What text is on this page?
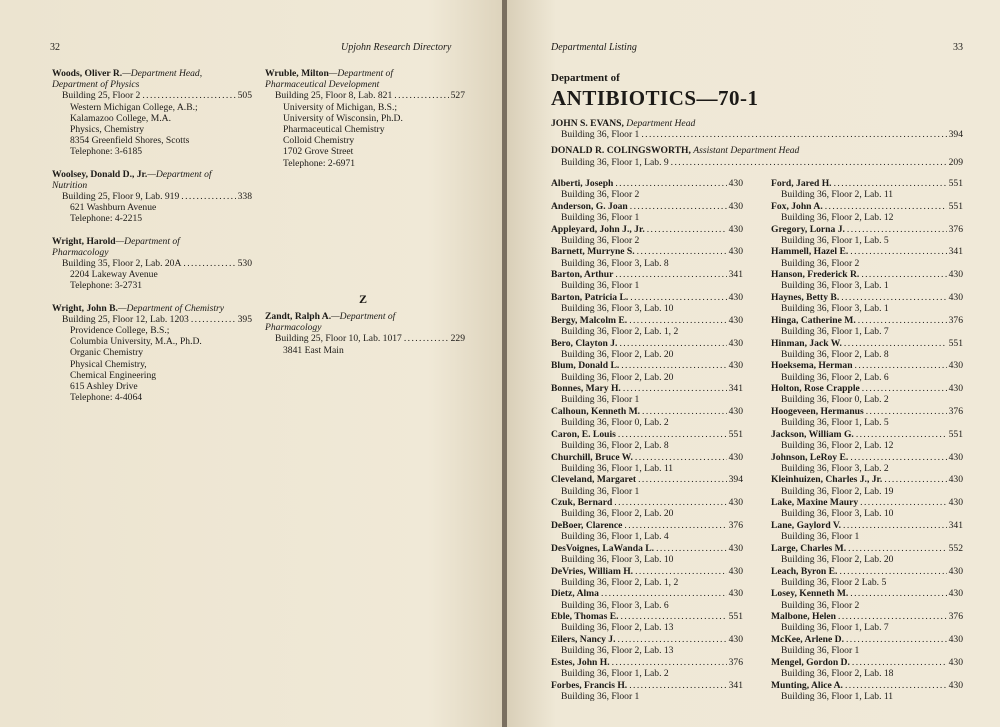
32	Upjohn Research Directory
Woods, Oliver R.—Department Head,
Department of Physics
Building 25, Floor 2 . . .	505
Western Michigan College, A.B.;
Kalamazoo College, M.A.
Physics, Chemistry
8354 Greenfield Shores, Scotts
Telephone: 3-6185
Woolsey, Donald D., Jr.—Department of
Nutrition
Building 25, Floor 9, Lab. 919 . . .	338
621 Washburn Avenue
Telephone: 4-2215
Wright, Harold—Department of
Pharmacology
Building 35, Floor 2, Lab. 20A . . .	530
2204 Lakeway Avenue
Telephone: 3-2731
Wright, John B.—Department of Chemistry
Building 25, Floor 12, Lab. 1203 . . .	395
Providence College, B.S.;
Columbia University, M.A., Ph.D.
Organic Chemistry
Physical Chemistry,
Chemical Engineering
615 Ashley Drive
Telephone: 4-4064
Wruble, Milton—Department of
Pharmaceutical Development
Building 25, Floor 8, Lab. 821 . . .	527
University of Michigan, B.S.;
University of Wisconsin, Ph.D.
Pharmaceutical Chemistry
Colloid Chemistry
1702 Grove Street
Telephone: 2-6971
Z
Zandt, Ralph A.—Department of
Pharmacology
Building 25, Floor 10, Lab. 1017 . . .	229
3841 East Main
Departmental Listing	33
Department of
ANTIBIOTICS—70-1
JOHN S. EVANS, Department Head
Building 36, Floor 1 . . .	394
DONALD R. COLINGSWORTH, Assistant Department Head
Building 36, Floor 1, Lab. 9 . . .	209
Alberti, Joseph . . .	430
Building 36, Floor 2
Anderson, G. Joan . . .	430
Building 36, Floor 1
Appleyard, John J., Jr. . . .	430
Building 36, Floor 2
Barnett, Murryne S. . . .	430
Building 36, Floor 3, Lab. 8
Barton, Arthur . . .	341
Building 36, Floor 1
Barton, Patricia L. . . .	430
Building 36, Floor 3, Lab. 10
Bergy, Malcolm E. . . .	430
Building 36, Floor 2, Lab. 1, 2
Bero, Clayton J. . . .	430
Building 36, Floor 2, Lab. 20
Blum, Donald L. . . .	430
Building 36, Floor 2, Lab. 20
Bonnes, Mary H. . . .	341
Building 36, Floor 1
Calhoun, Kenneth M. . . .	430
Building 36, Floor 0, Lab. 2
Caron, E. Louis . . .	551
Building 36, Floor 2, Lab. 8
Churchill, Bruce W. . . .	430
Building 36, Floor 1, Lab. 11
Cleveland, Margaret . . .	394
Building 36, Floor 1
Czuk, Bernard . . .	430
Building 36, Floor 2, Lab. 20
DeBoer, Clarence . . .	376
Building 36, Floor 1, Lab. 4
DesVoignes, LaWanda L. . . .	430
Building 36, Floor 3, Lab. 10
DeVries, William H. . . .	430
Building 36, Floor 2, Lab. 1, 2
Dietz, Alma . . .	430
Building 36, Floor 3, Lab. 6
Eble, Thomas E. . . .	551
Building 36, Floor 2, Lab. 13
Eilers, Nancy J. . . .	430
Building 36, Floor 2, Lab. 13
Estes, John H. . . .	376
Building 36, Floor 1, Lab. 2
Forbes, Francis H. . . .	341
Building 36, Floor 1
Ford, Jared H. . . .	551
Building 36, Floor 2, Lab. 11
Fox, John A. . . .	551
Building 36, Floor 2, Lab. 12
Gregory, Lorna J. . . .	376
Building 36, Floor 1, Lab. 5
Hammell, Hazel E. . . .	341
Building 36, Floor 2
Hanson, Frederick R. . . .	430
Building 36, Floor 3, Lab. 1
Haynes, Betty B. . . .	430
Building 36, Floor 3, Lab. 1
Hinga, Catherine M. . . .	376
Building 36, Floor 1, Lab. 7
Hinman, Jack W. . . .	551
Building 36, Floor 2, Lab. 8
Hoeksema, Herman . . .	430
Building 36, Floor 2, Lab. 6
Holton, Rose Crapple . . .	430
Building 36, Floor 0, Lab. 2
Hoogeveen, Hermanus . . .	376
Building 36, Floor 1, Lab. 5
Jackson, William G. . . .	551
Building 36, Floor 2, Lab. 12
Johnson, LeRoy E. . . .	430
Building 36, Floor 3, Lab. 2
Kleinhuizen, Charles J., Jr. . . .	430
Building 36, Floor 2, Lab. 19
Lake, Maxine Maury . . .	430
Building 36, Floor 3, Lab. 10
Lane, Gaylord V. . . .	341
Building 36, Floor 1
Large, Charles M. . . .	552
Building 36, Floor 2, Lab. 20
Leach, Byron E. . . .	430
Building 36, Floor 2 Lab. 5
Losey, Kenneth M. . . .	430
Building 36, Floor 2
Malbone, Helen . . .	376
Building 36, Floor 1, Lab. 7
McKee, Arlene D. . . .	430
Building 36, Floor 1
Mengel, Gordon D. . . .	430
Building 36, Floor 2, Lab. 18
Munting, Alice A. . . .	430
Building 36, Floor 1, Lab. 11
